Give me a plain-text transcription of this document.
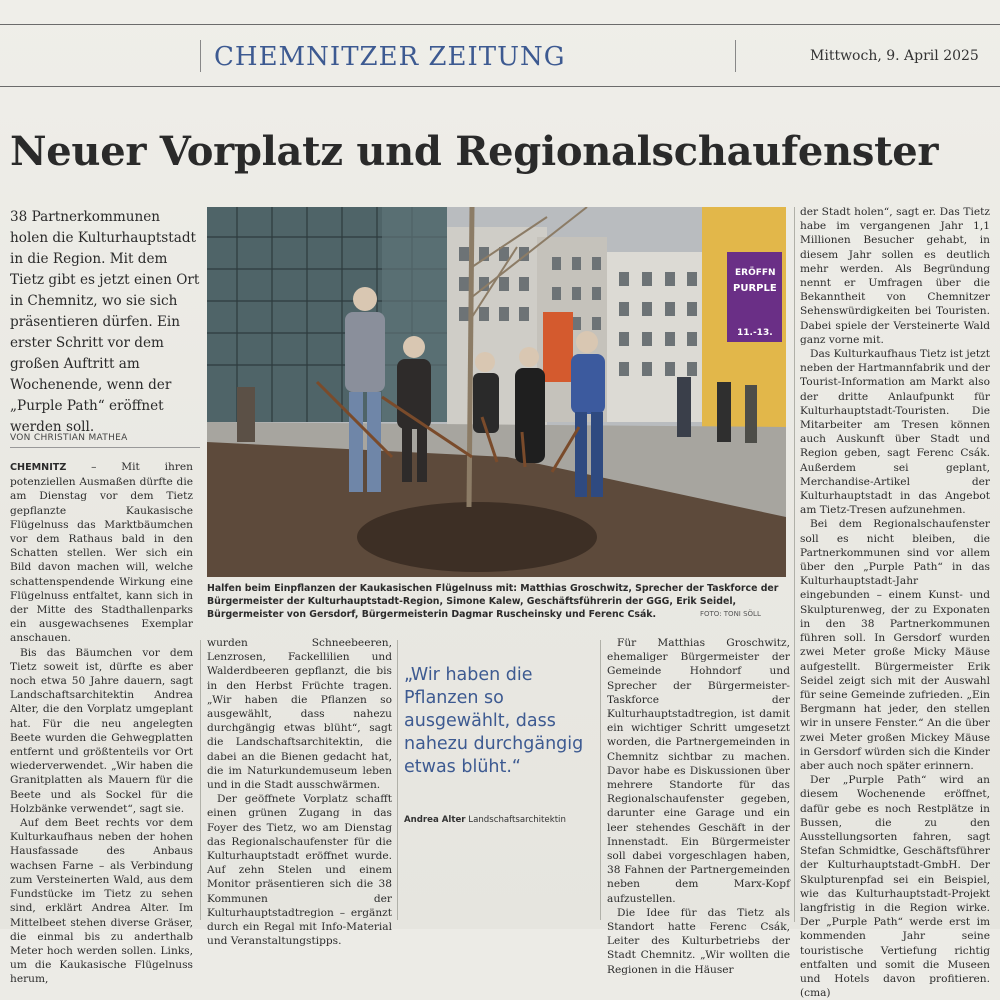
CHEMNITZER ZEITUNG	Mittwoch, 9. April 2025
Neuer Vorplatz und Regionalschaufenster
38 Partnerkommunen holen die Kulturhauptstadt in die Region. Mit dem Tietz gibt es jetzt einen Ort in Chemnitz, wo sie sich präsentieren dürfen. Ein erster Schritt vor dem großen Auftritt am Wochenende, wenn der „Purple Path“ eröffnet werden soll.
VON CHRISTIAN MATHEA

CHEMNITZ – Mit ihren potenziellen Ausmaßen dürfte die am Dienstag vor dem Tietz gepflanzte Kaukasische Flügelnuss das Marktbäumchen vor dem Rathaus bald in den Schatten stellen. Wer sich ein Bild davon machen will, welche schattenspendende Wirkung eine Flügelnuss entfaltet, kann sich in der Mitte des Stadthallenparks ein ausgewachsenes Exemplar anschauen.

Bis das Bäumchen vor dem Tietz soweit ist, dürfte es aber noch etwa 50 Jahre dauern, sagt Landschaftsarchitektin Andrea Alter, die den Vorplatz umgeplant hat. Für die neu angelegten Beete wurden die Gehwegplatten entfernt und größtenteils vor Ort wiederverwendet. „Wir haben die Granitplatten als Mauern für die Beete und als Sockel für die Holzbänke verwendet“, sagt sie.

Auf dem Beet rechts vor dem Kulturkaufhaus neben der hohen Hausfassade des Anbaus wachsen Farne – als Verbindung zum Versteinerten Wald, aus dem Fundstücke im Tietz zu sehen sind, erklärt Andrea Alter. Im Mittelbeet stehen diverse Gräser, die einmal bis zu anderthalb Meter hoch werden sollen. Links, um die Kaukasische Flügelnuss herum,

ERÖFFN
PURPLE
11.-13.
Halfen beim Einpflanzen der Kaukasischen Flügelnuss mit: Matthias Groschwitz, Sprecher der Taskforce der Bürgermeister der Kulturhauptstadt-Region, Simone Kalew, Geschäftsführerin der GGG, Erik Seidel, Bürgermeister von Gersdorf, Bürgermeisterin Dagmar Ruscheinsky und Ferenc Csák.	FOTO: TONI SÖLL

wurden Schneebeeren, Lenzrosen, Fackellilien und Walderdbeeren gepflanzt, die bis in den Herbst Früchte tragen. „Wir haben die Pflanzen so ausgewählt, dass nahezu durchgängig etwas blüht“, sagt die Landschaftsarchitektin, die dabei an die Bienen gedacht hat, die im Naturkundemuseum leben und in die Stadt ausschwärmen.

Der geöffnete Vorplatz schafft einen grünen Zugang in das Foyer des Tietz, wo am Dienstag das Regionalschaufenster für die Kulturhauptstadt eröffnet wurde. Auf zehn Stelen und einem Monitor präsentieren sich die 38 Kommunen der Kulturhauptstadtregion – ergänzt durch ein Regal mit Info-Material und Veranstaltungstipps.

„Wir haben die Pflanzen so ausgewählt, dass nahezu durchgängig etwas blüht.“
Andrea Alter Landschaftsarchitektin

Für Matthias Groschwitz, ehemaliger Bürgermeister der Gemeinde Hohndorf und Sprecher der Bürgermeister-Taskforce der Kulturhauptstadtregion, ist damit ein wichtiger Schritt umgesetzt worden, die Partnergemeinden in Chemnitz sichtbar zu machen. Davor habe es Diskussionen über mehrere Standorte für das Regionalschaufenster gegeben, darunter eine Garage und ein leer stehendes Geschäft in der Innenstadt. Ein Bürgermeister soll dabei vorgeschlagen haben, 38 Fahnen der Partnergemeinden neben dem Marx-Kopf aufzustellen.

Die Idee für das Tietz als Standort hatte Ferenc Csák, Leiter des Kulturbetriebs der Stadt Chemnitz. „Wir wollten die Regionen in die Häuser

der Stadt holen“, sagt er. Das Tietz habe im vergangenen Jahr 1,1 Millionen Besucher gehabt, in diesem Jahr sollen es deutlich mehr werden. Als Begründung nennt er Umfragen über die Bekanntheit von Chemnitzer Sehenswürdigkeiten bei Touristen. Dabei spiele der Versteinerte Wald ganz vorne mit.

Das Kulturkaufhaus Tietz ist jetzt neben der Hartmannfabrik und der Tourist-Information am Markt also der dritte Anlaufpunkt für Kulturhauptstadt-Touristen. Die Mitarbeiter am Tresen können auch Auskunft über Stadt und Region geben, sagt Ferenc Csák. Außerdem sei geplant, Merchandise-Artikel der Kulturhauptstadt in das Angebot am Tietz-Tresen aufzunehmen.

Bei dem Regionalschaufenster soll es nicht bleiben, die Partnerkommunen sind vor allem über den „Purple Path“ in das Kulturhauptstadt-Jahr eingebunden – einem Kunst- und Skulpturenweg, der zu Exponaten in den 38 Partnerkommunen führen soll. In Gersdorf wurden zwei Meter große Micky Mäuse aufgestellt. Bürgermeister Erik Seidel zeigt sich mit der Auswahl für seine Gemeinde zufrieden. „Ein Bergmann hat jeder, den stellen wir in unsere Fenster.“ An die über zwei Meter großen Mickey Mäuse in Gersdorf würden sich die Kinder aber auch noch später erinnern.

Der „Purple Path“ wird an diesem Wochenende eröffnet, dafür gebe es noch Restplätze in Bussen, die zu den Ausstellungsorten fahren, sagt Stefan Schmidtke, Geschäftsführer der Kulturhauptstadt-GmbH. Der Skulpturenpfad sei ein Beispiel, wie das Kulturhauptstadt-Projekt langfristig in die Region wirke. Der „Purple Path“ werde erst im kommenden Jahr seine touristische Vertiefung richtig entfalten und somit die Museen und Hotels davon profitieren. (cma)
